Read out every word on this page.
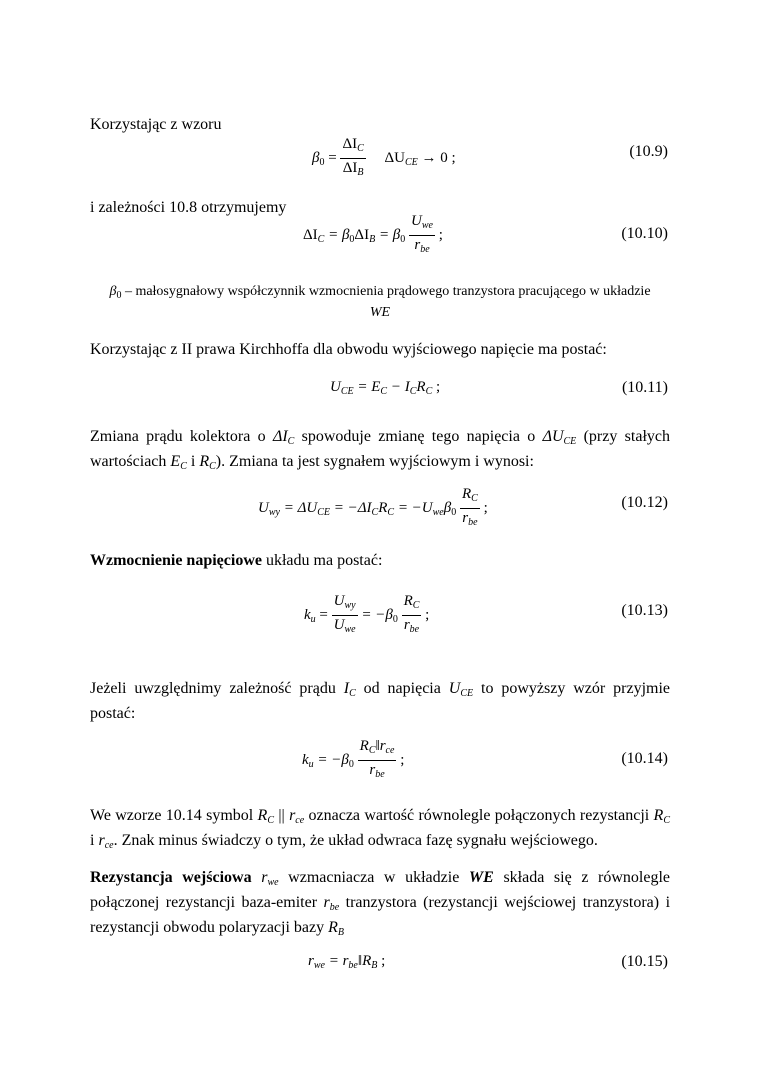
Korzystając z wzoru
$\beta_0 = \frac{\Delta I_C}{\Delta I_B} \Delta U_{CE} \to 0$ ;	(10.9)
i zależności 10.8 otrzymujemy
$\Delta I_C = \beta_0\Delta I_B = \beta_0 \frac{U_{we}}{r_{be}}$ ;	(10.10)
$\beta_0$ – małosygnałowy współczynnik wzmocnienia prądowego tranzystora pracującego w układzie WE
Korzystając z II prawa Kirchhoffa dla obwodu wyjściowego napięcie ma postać:
$U_{CE} = E_C - I_CR_C$ ;	(10.11)
Zmiana prądu kolektora o $\Delta I_C$ spowoduje zmianę tego napięcia o $\Delta U_{CE}$ (przy stałych wartościach $E_C$ i $R_C$). Zmiana ta jest sygnałem wyjściowym i wynosi:
$U_{wy} = \Delta U_{CE} = -\Delta I_CR_C = -U_{we}\beta_0 \frac{R_C}{r_{be}}$ ;	(10.12)
Wzmocnienie napięciowe układu ma postać:
$k_u = \frac{U_{wy}}{U_{we}} = -\beta_0 \frac{R_C}{r_{be}}$ ;	(10.13)
Jeżeli uwzględnimy zależność prądu $I_C$ od napięcia $U_{CE}$ to powyższy wzór przyjmie postać:
$k_u = -\beta_0 \frac{R_C‖r_{ce}}{r_{be}}$ ;	(10.14)
We wzorze 10.14 symbol $R_C$ || $r_{ce}$ oznacza wartość równolegle połączonych rezystancji $R_C$ i $r_{ce}$. Znak minus świadczy o tym, że układ odwraca fazę sygnału wejściowego.
Rezystancja wejściowa $r_{we}$ wzmacniacza w układzie WE składa się z równolegle połączonej rezystancji baza-emiter $r_{be}$ tranzystora (rezystancji wejściowej tranzystora) i rezystancji obwodu polaryzacji bazy $R_B$
$r_{we}$ = $r_{be}‖R_B$ ;	(10.15)
